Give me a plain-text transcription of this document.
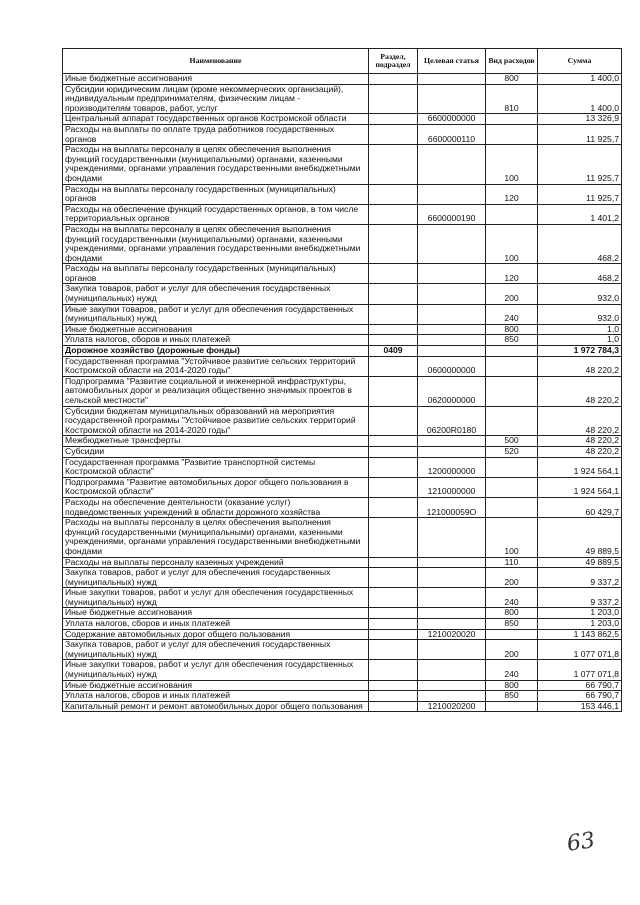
Наименование	Раздел, подраздел	Целевая статья	Вид расходов	Сумма
Иные бюджетные ассигнования			800	1 400,0
Субсидии юридическим лицам (кроме некоммерческих организаций), индивидуальным предпринимателям, физическим лицам - производителям товаров, работ, услуг			810	1 400,0
Центральный аппарат государственных органов Костромской области		6600000000		13 326,9
Расходы на выплаты по оплате труда работников государственных органов		6600000110		11 925,7
Расходы на выплаты персоналу в целях обеспечения выполнения функций государственными (муниципальными) органами, казенными учреждениями, органами управления государственными внебюджетными фондами			100	11 925,7
Расходы на выплаты персоналу государственных (муниципальных) органов			120	11 925,7
Расходы на обеспечение функций государственных органов, в том числе территориальных органов		6600000190		1 401,2
Расходы на выплаты персоналу в целях обеспечения выполнения функций государственными (муниципальными) органами, казенными учреждениями, органами управления государственными внебюджетными фондами			100	468,2
Расходы на выплаты персоналу государственных (муниципальных) органов			120	468,2
Закупка товаров, работ и услуг для обеспечения государственных (муниципальных) нужд			200	932,0
Иные закупки товаров, работ и услуг для обеспечения государственных (муниципальных) нужд			240	932,0
Иные бюджетные ассигнования			800	1,0
Уплата налогов, сборов и иных платежей			850	1,0
Дорожное хозяйство (дорожные фонды)	0409			1 972 784,3
Государственная программа "Устойчивое развитие сельских территорий Костромской области на 2014-2020 годы"		0600000000		48 220,2
Подпрограмма "Развитие социальной и инженерной инфраструктуры, автомобильных дорог и реализация общественно значимых проектов в сельской местности"		0620000000		48 220,2
Субсидии бюджетам муниципальных образований на мероприятия государственной программы "Устойчивое развитие сельских территорий Костромской области на 2014-2020 годы"		06200R0180		48 220,2
Межбюджетные трансферты			500	48 220,2
Субсидии			520	48 220,2
Государственная программа "Развитие транспортной системы Костромской области"		1200000000		1 924 564,1
Подпрограмма "Развитие автомобильных дорог общего пользования в Костромской области"		1210000000		1 924 564,1
Расходы на обеспечение деятельности (оказание услуг) подведомственных учреждений в области дорожного хозяйства		121000059О		60 429,7
Расходы на выплаты персоналу в целях обеспечения выполнения функций государственными (муниципальными) органами, казенными учреждениями, органами управления государственными внебюджетными фондами			100	49 889,5
Расходы на выплаты персоналу казенных учреждений			110	49 889,5
Закупка товаров, работ и услуг для обеспечения государственных (муниципальных) нужд			200	9 337,2
Иные закупки товаров, работ и услуг для обеспечения государственных (муниципальных) нужд			240	9 337,2
Иные бюджетные ассигнования			800	1 203,0
Уплата налогов, сборов и иных платежей			850	1 203,0
Содержание автомобильных дорог общего пользования		1210020020		1 143 862,5
Закупка товаров, работ и услуг для обеспечения государственных (муниципальных) нужд			200	1 077 071,8
Иные закупки товаров, работ и услуг для обеспечения государственных (муниципальных) нужд			240	1 077 071,8
Иные бюджетные ассигнования			800	66 790,7
Уплата налогов, сборов и иных платежей			850	66 790,7
Капитальный ремонт и ремонт автомобильных дорог общего пользования		1210020200		153 446,1
63
